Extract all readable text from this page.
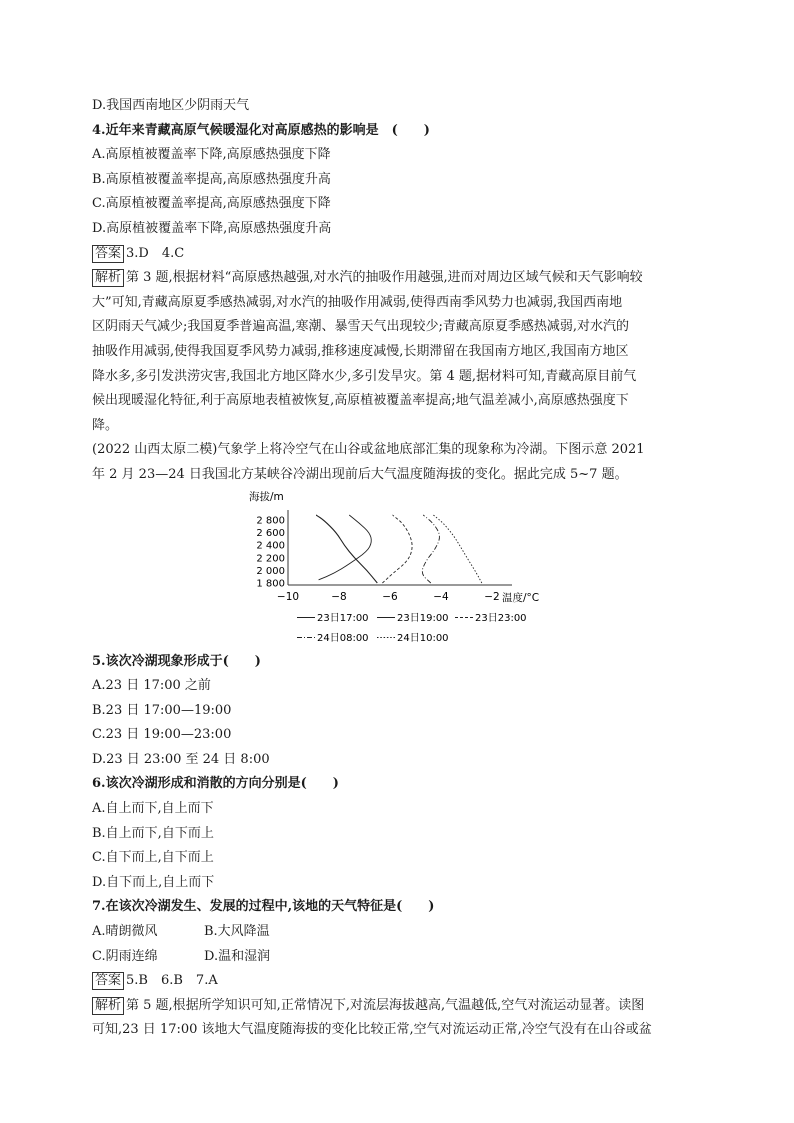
D.我国西南地区少阴雨天气
4.近年来青藏高原气候暖湿化对高原感热的影响是　(　　)
A.高原植被覆盖率下降,高原感热强度下降
B.高原植被覆盖率提高,高原感热强度升高
C.高原植被覆盖率提高,高原感热强度下降
D.高原植被覆盖率下降,高原感热强度升高
答案 3.D　4.C
解析 第 3 题,根据材料“高原感热越强,对水汽的抽吸作用越强,进而对周边区域气候和天气影响较
大”可知,青藏高原夏季感热减弱,对水汽的抽吸作用减弱,使得西南季风势力也减弱,我国西南地
区阴雨天气减少;我国夏季普遍高温,寒潮、暴雪天气出现较少;青藏高原夏季感热减弱,对水汽的
抽吸作用减弱,使得我国夏季风势力减弱,推移速度减慢,长期滞留在我国南方地区,我国南方地区
降水多,多引发洪涝灾害,我国北方地区降水少,多引发旱灾。第 4 题,据材料可知,青藏高原目前气
候出现暖湿化特征,利于高原地表植被恢复,高原植被覆盖率提高;地气温差减小,高原感热强度下
降。
(2022 山西太原二模)气象学上将冷空气在山谷或盆地底部汇集的现象称为冷湖。下图示意 2021
年 2 月 23—24 日我国北方某峡谷冷湖出现前后大气温度随海拔的变化。据此完成 5~7 题。
海拔/m
温度/°C
2 800
2 600
2 400
2 200
2 000
1 800
−10	−8	−6	−4	−2
23日17:00	23日19:00	23日23:00
24日08:00	24日10:00
5.该次冷湖现象形成于(　　)
A.23 日 17:00 之前
B.23 日 17:00—19:00
C.23 日 19:00—23:00
D.23 日 23:00 至 24 日 8:00
6.该次冷湖形成和消散的方向分别是(　　)
A.自上而下,自上而下
B.自上而下,自下而上
C.自下而上,自下而上
D.自下而上,自上而下
7.在该次冷湖发生、发展的过程中,该地的天气特征是(　　)
A.晴朗微风	B.大风降温
C.阴雨连绵	D.温和湿润
答案 5.B　6.B　7.A
解析 第 5 题,根据所学知识可知,正常情况下,对流层海拔越高,气温越低,空气对流运动显著。读图
可知,23 日 17:00 该地大气温度随海拔的变化比较正常,空气对流运动正常,冷空气没有在山谷或盆
